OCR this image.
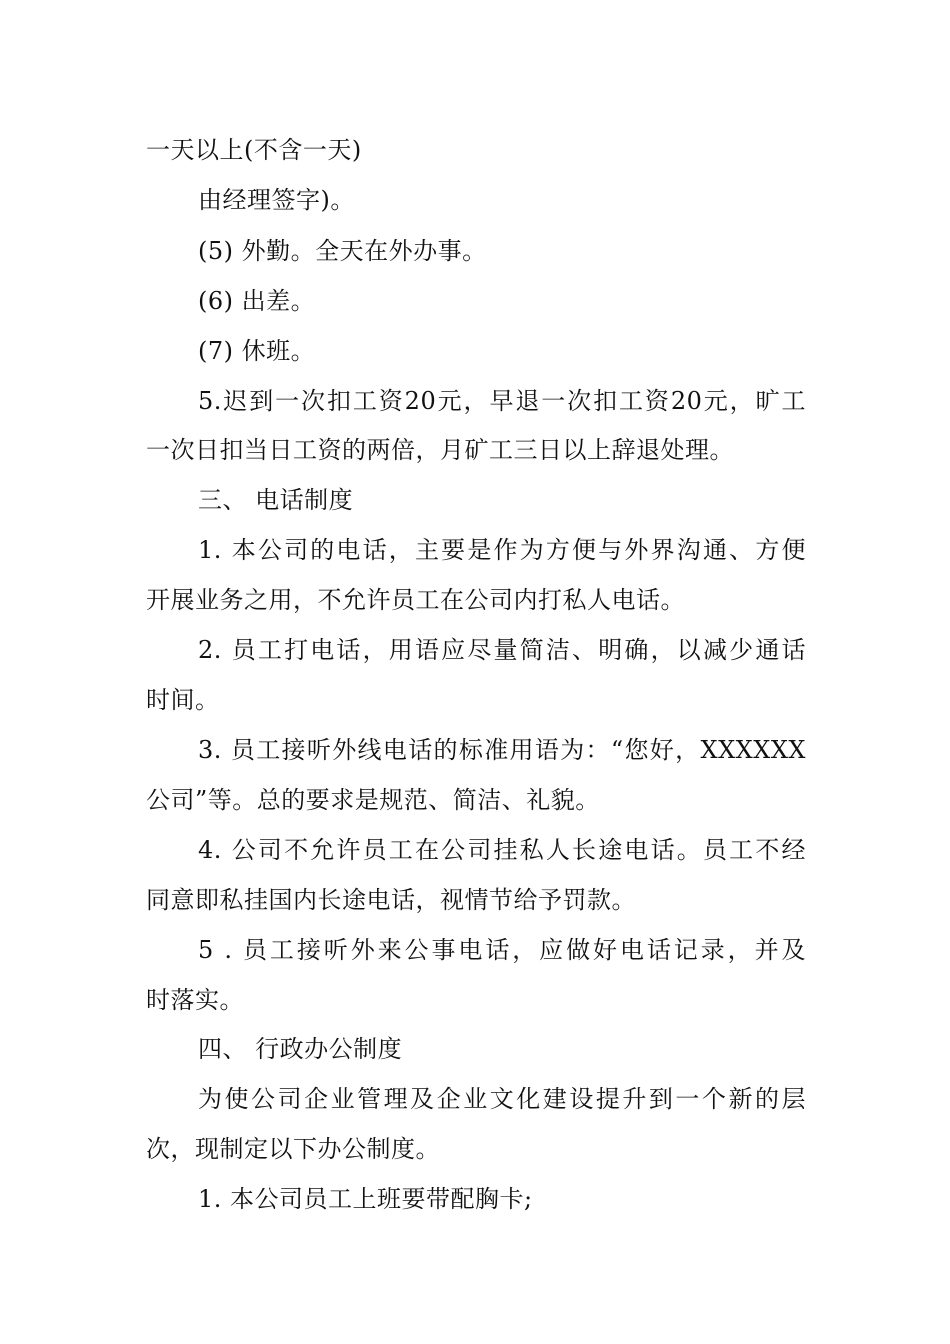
一天以上(不含一天)
由经理签字)。
(5) 外勤。全天在外办事。
(6) 出差。
(7) 休班。
5.迟到一次扣工资20元，早退一次扣工资20元，旷工
一次日扣当日工资的两倍，月矿工三日以上辞退处理。
三、 电话制度
1. 本公司的电话，主要是作为方便与外界沟通、方便
开展业务之用，不允许员工在公司内打私人电话。
2. 员工打电话，用语应尽量简洁、明确，以减少通话
时间。
3. 员工接听外线电话的标准用语为：“您好，XXXXXX
公司”等。总的要求是规范、简洁、礼貌。
4. 公司不允许员工在公司挂私人长途电话。员工不经
同意即私挂国内长途电话，视情节给予罚款。
5 . 员工接听外来公事电话，应做好电话记录，并及
时落实。
四、 行政办公制度
为使公司企业管理及企业文化建设提升到一个新的层
次，现制定以下办公制度。
1. 本公司员工上班要带配胸卡;
